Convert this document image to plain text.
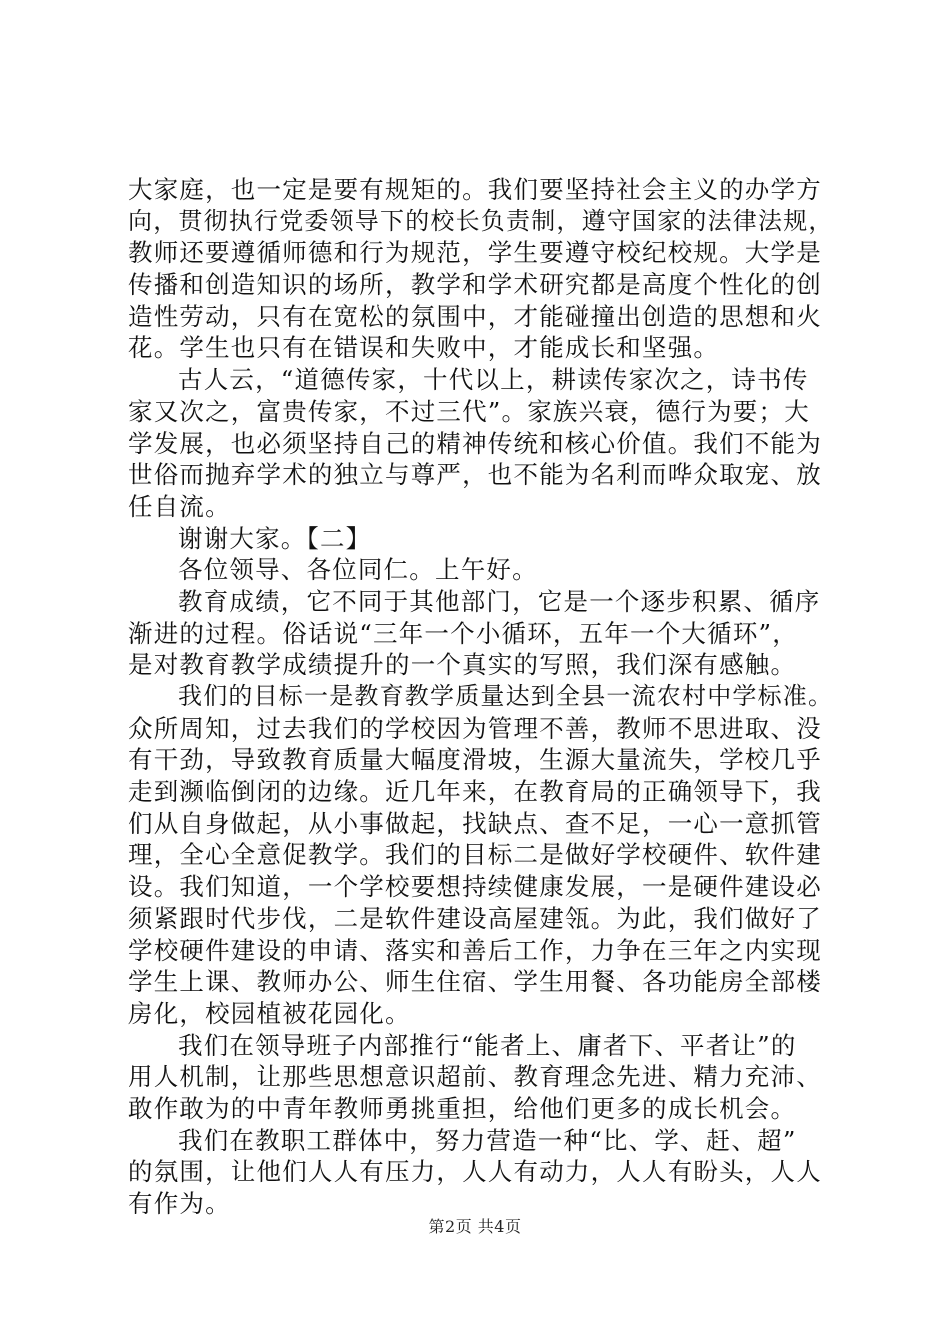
大家庭，也一定是要有规矩的。我们要坚持社会主义的办学方
向，贯彻执行党委领导下的校长负责制，遵守国家的法律法规，
教师还要遵循师德和行为规范，学生要遵守校纪校规。大学是
传播和创造知识的场所，教学和学术研究都是高度个性化的创
造性劳动，只有在宽松的氛围中，才能碰撞出创造的思想和火
花。学生也只有在错误和失败中，才能成长和坚强。
古人云，“道德传家，十代以上，耕读传家次之，诗书传
家又次之，富贵传家，不过三代”。家族兴衰，德行为要；大
学发展，也必须坚持自己的精神传统和核心价值。我们不能为
世俗而抛弃学术的独立与尊严，也不能为名利而哗众取宠、放
任自流。
谢谢大家。【二】
各位领导、各位同仁。上午好。
教育成绩，它不同于其他部门，它是一个逐步积累、循序
渐进的过程。俗话说“三年一个小循环，五年一个大循环”，
是对教育教学成绩提升的一个真实的写照，我们深有感触。
我们的目标一是教育教学质量达到全县一流农村中学标准。
众所周知，过去我们的学校因为管理不善，教师不思进取、没
有干劲，导致教育质量大幅度滑坡，生源大量流失，学校几乎
走到濒临倒闭的边缘。近几年来，在教育局的正确领导下，我
们从自身做起，从小事做起，找缺点、查不足，一心一意抓管
理，全心全意促教学。我们的目标二是做好学校硬件、软件建
设。我们知道，一个学校要想持续健康发展，一是硬件建设必
须紧跟时代步伐，二是软件建设高屋建瓴。为此，我们做好了
学校硬件建设的申请、落实和善后工作，力争在三年之内实现
学生上课、教师办公、师生住宿、学生用餐、各功能房全部楼
房化，校园植被花园化。
我们在领导班子内部推行“能者上、庸者下、平者让”的
用人机制，让那些思想意识超前、教育理念先进、精力充沛、
敢作敢为的中青年教师勇挑重担，给他们更多的成长机会。
我们在教职工群体中，努力营造一种“比、学、赶、超”
的氛围，让他们人人有压力，人人有动力，人人有盼头，人人
有作为。
第2页 共4页
